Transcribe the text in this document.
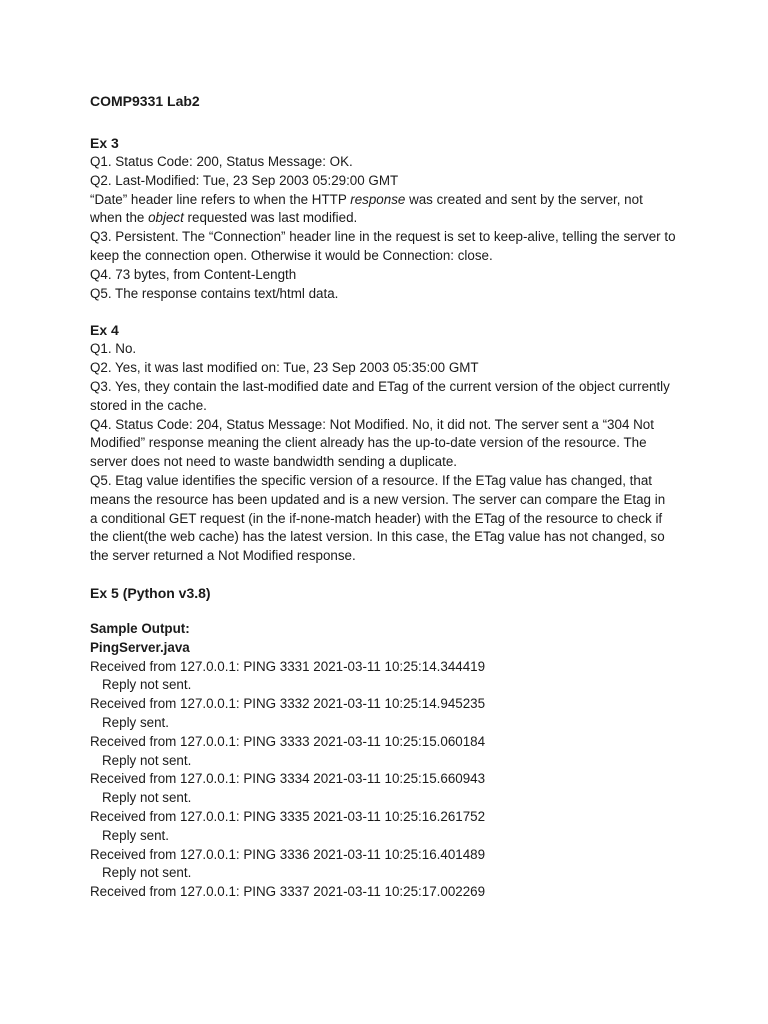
COMP9331 Lab2
Ex 3

Q1. Status Code: 200, Status Message: OK.

Q2. Last-Modified: Tue, 23 Sep 2003 05:29:00 GMT

“Date” header line refers to when the HTTP response was created and sent by the server, not when the object requested was last modified.

Q3. Persistent. The “Connection” header line in the request is set to keep-alive, telling the server to keep the connection open. Otherwise it would be Connection: close.

Q4. 73 bytes, from Content-Length

Q5. The response contains text/html data.

Ex 4

Q1. No.

Q2. Yes, it was last modified on: Tue, 23 Sep 2003 05:35:00 GMT

Q3. Yes, they contain the last-modified date and ETag of the current version of the object currently stored in the cache.

Q4. Status Code: 204, Status Message: Not Modified. No, it did not. The server sent a “304 Not Modified” response meaning the client already has the up-to-date version of the resource. The server does not need to waste bandwidth sending a duplicate.

Q5. Etag value identifies the specific version of a resource. If the ETag value has changed, that means the resource has been updated and is a new version. The server can compare the Etag in a conditional GET request (in the if-none-match header) with the ETag of the resource to check if the client(the web cache) has the latest version. In this case, the ETag value has not changed, so the server returned a Not Modified response.

Ex 5 (Python v3.8)

Sample Output:

PingServer.java

Received from 127.0.0.1: PING 3331 2021-03-11 10:25:14.344419

Reply not sent.

Received from 127.0.0.1: PING 3332 2021-03-11 10:25:14.945235

Reply sent.

Received from 127.0.0.1: PING 3333 2021-03-11 10:25:15.060184

Reply not sent.

Received from 127.0.0.1: PING 3334 2021-03-11 10:25:15.660943

Reply not sent.

Received from 127.0.0.1: PING 3335 2021-03-11 10:25:16.261752

Reply sent.

Received from 127.0.0.1: PING 3336 2021-03-11 10:25:16.401489

Reply not sent.

Received from 127.0.0.1: PING 3337 2021-03-11 10:25:17.002269
